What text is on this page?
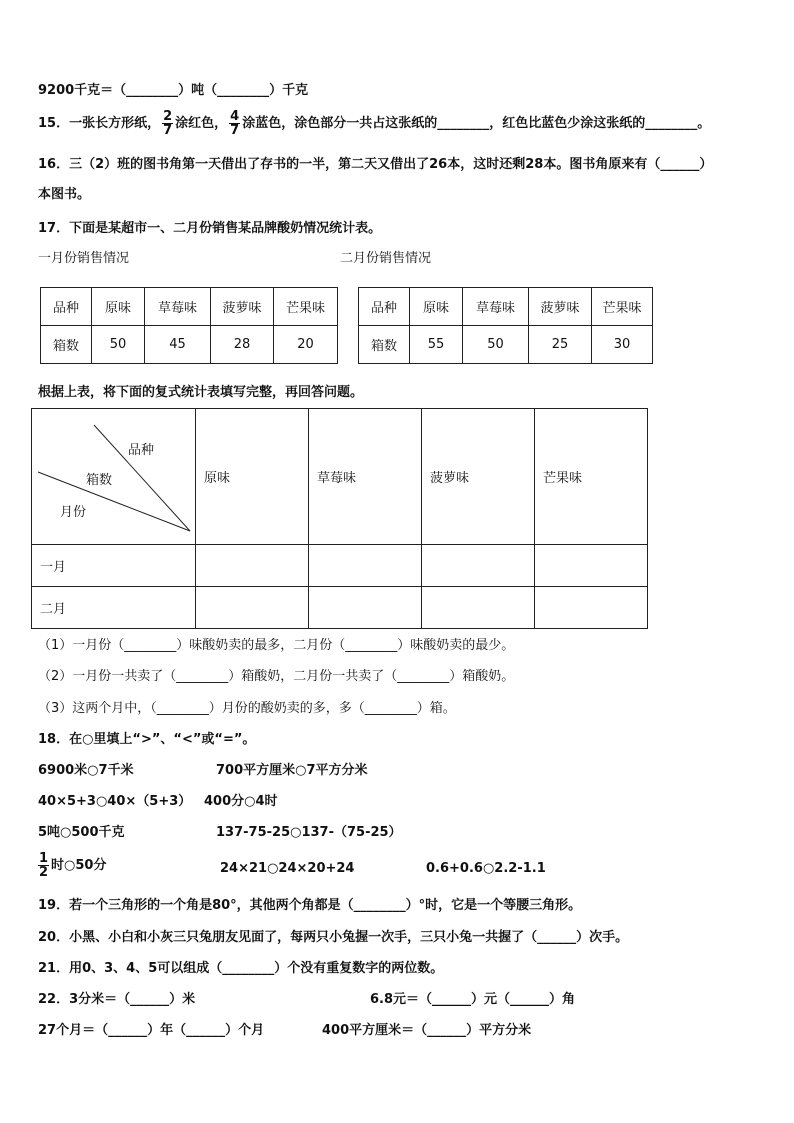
9200千克＝（________）吨（________）千克
15．一张长方形纸， $\frac{2}{7}$ 涂红色， $\frac{4}{7}$ 涂蓝色，涂色部分一共占这张纸的________，红色比蓝色少涂这张纸的________。
16．三（2）班的图书角第一天借出了存书的一半，第二天又借出了26本，这时还剩28本。图书角原来有（______）
本图书。
17．下面是某超市一、二月份销售某品牌酸奶情况统计表。
一月份销售情况	二月份销售情况
品种	原味	草莓味	菠萝味	芒果味
箱数	50	45	28	20
品种	原味	草莓味	菠萝味	芒果味
箱数	55	50	25	30
根据上表，将下面的复式统计表填写完整，再回答问题。
品种
箱数
月份	原味	草莓味	菠萝味	芒果味
一月				
二月				
（1）一月份（________）味酸奶卖的最多，二月份（________）味酸奶卖的最少。
（2）一月份一共卖了（________）箱酸奶，二月份一共卖了（________）箱酸奶。
（3）这两个月中，（________）月份的酸奶卖的多，多（________）箱。
18．在○里填上“>”、“<”或“=”。
6900米○7千米	700平方厘米○7平方分米
40×5+3○40×（5+3） 400分○4时
5吨○500千克	137-75-25○137-（75-25）
$\frac{1}{2}$ 时○50分	24×21○24×20+24	0.6+0.6○2.2-1.1
19．若一个三角形的一个角是80°，其他两个角都是（________）°时，它是一个等腰三角形。
20．小黑、小白和小灰三只兔朋友见面了，每两只小兔握一次手，三只小兔一共握了（______）次手。
21．用0、3、4、5可以组成（________）个没有重复数字的两位数。
22．3分米＝（______）米	6.8元＝（______）元（______）角
27个月＝（______）年（______）个月	400平方厘米＝（______）平方分米
